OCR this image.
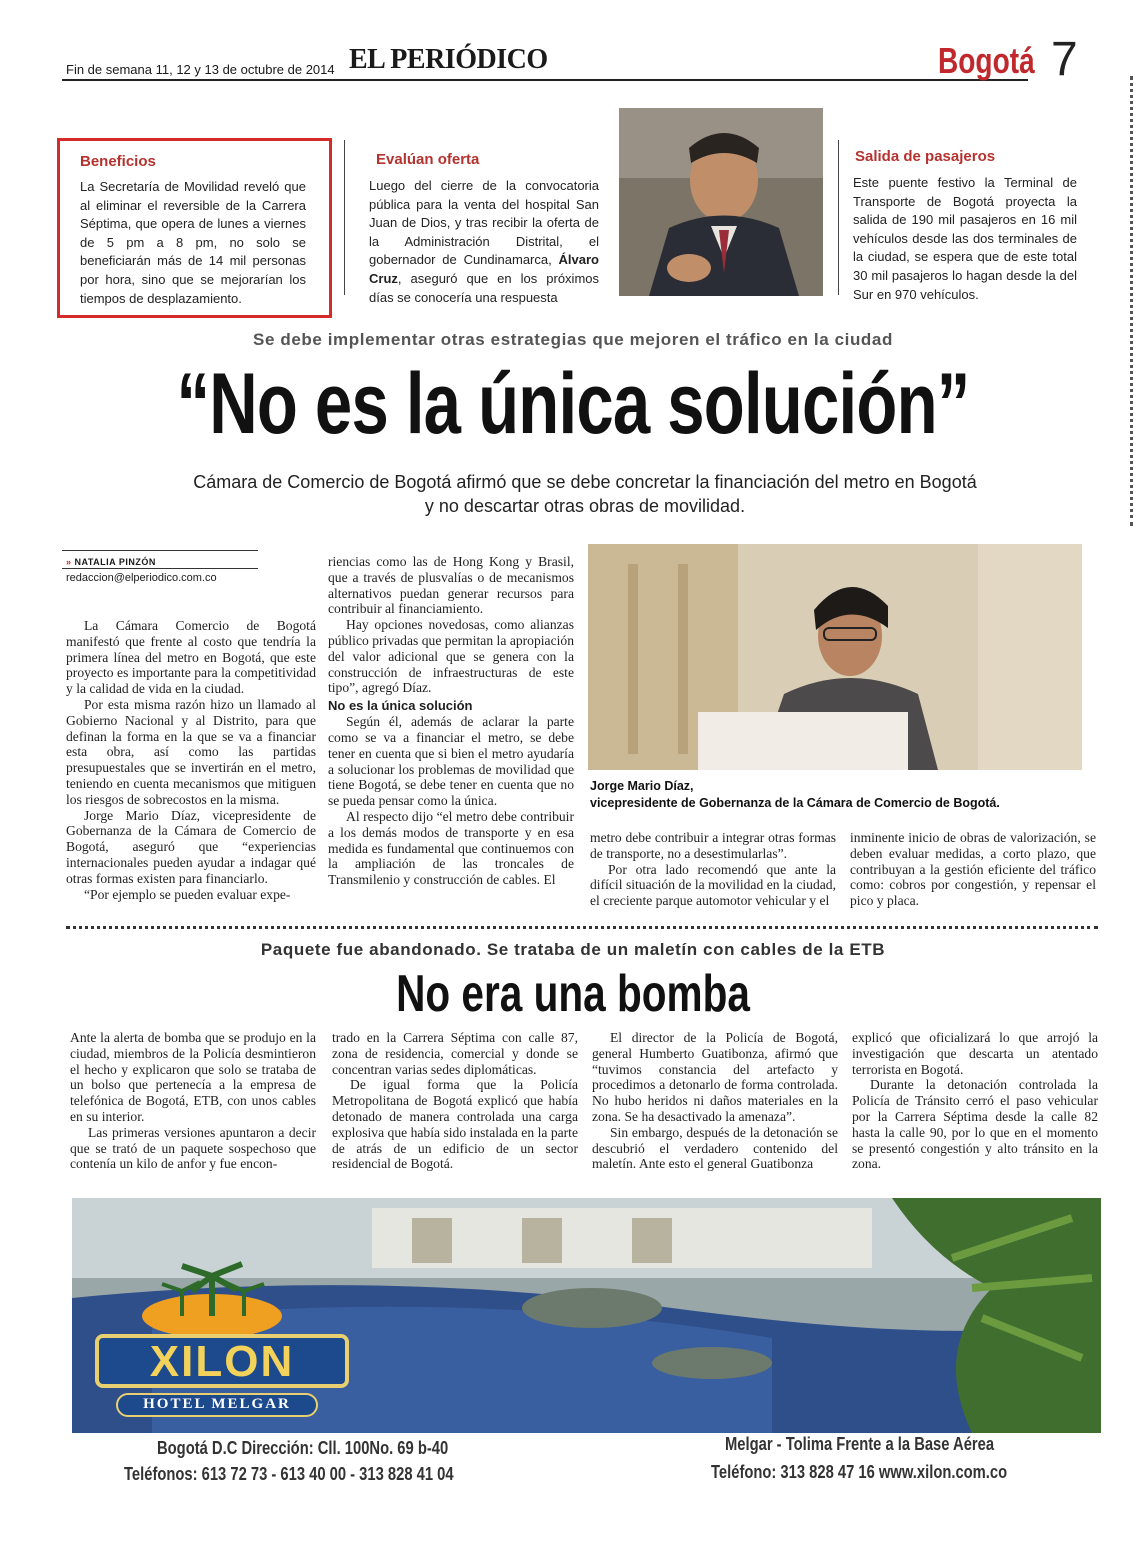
Fin de semana 11, 12 y 13 de octubre de 2014 EL PERIÓDICO	Bogotá 7
Beneficios
La Secretaría de Movilidad reveló que al eliminar el reversible de la Carrera Séptima, que opera de lunes a viernes de 5 pm a 8 pm, no solo se beneficiarán más de 14 mil personas por hora, sino que se mejorarían los tiempos de desplazamiento.
Evalúan oferta
Luego del cierre de la convocatoria pública para la venta del hospital San Juan de Dios, y tras recibir la oferta de la Administración Distrital, el gobernador de Cundinamarca, Álvaro Cruz, aseguró que en los próximos días se conocería una respuesta
Salida de pasajeros
Este puente festivo la Terminal de Transporte de Bogotá proyecta la salida de 190 mil pasajeros en 16 mil vehículos desde las dos terminales de la ciudad, se espera que de este total 30 mil pasajeros lo hagan desde la del Sur en 970 vehículos.
Se debe implementar otras estrategias que mejoren el tráfico en la ciudad
“No es la única solución”
Cámara de Comercio de Bogotá afirmó que se debe concretar la financiación del metro en Bogotá y no descartar otras obras de movilidad.
» NATALIA PINZÓN
redaccion@elperiodico.com.co

La Cámara Comercio de Bogotá manifestó que frente al costo que tendría la primera línea del metro en Bogotá, que este proyecto es importante para la competitividad y la calidad de vida en la ciudad.

Por esta misma razón hizo un llamado al Gobierno Nacional y al Distrito, para que definan la forma en la que se va a financiar esta obra, así como las partidas presupuestales que se invertirán en el metro, teniendo en cuenta mecanismos que mitiguen los riesgos de sobrecostos en la misma.

Jorge Mario Díaz, vicepresidente de Gobernanza de la Cámara de Comercio de Bogotá, aseguró que “experiencias internacionales pueden ayudar a indagar qué otras formas existen para financiarlo.

“Por ejemplo se pueden evaluar expe-

riencias como las de Hong Kong y Brasil, que a través de plusvalías o de mecanismos alternativos puedan generar recursos para contribuir al financiamiento.

Hay opciones novedosas, como alianzas público privadas que permitan la apropiación del valor adicional que se genera con la construcción de infraestructuras de este tipo”, agregó Díaz.

No es la única solución

Según él, además de aclarar la parte como se va a financiar el metro, se debe tener en cuenta que si bien el metro ayudaría a solucionar los problemas de movilidad que tiene Bogotá, se debe tener en cuenta que no se pueda pensar como la única.

Al respecto dijo “el metro debe contribuir a los demás modos de transporte y en esa medida es fundamental que continuemos con la ampliación de las troncales de Transmilenio y construcción de cables. El

Jorge Mario Díaz,
vicepresidente de Gobernanza de la Cámara de Comercio de Bogotá.

metro debe contribuir a integrar otras formas de transporte, no a desestimularlas”.

Por otra lado recomendó que ante la difícil situación de la movilidad en la ciudad, el creciente parque automotor vehicular y el

inminente inicio de obras de valorización, se deben evaluar medidas, a corto plazo, que contribuyan a la gestión eficiente del tráfico como: cobros por congestión, y repensar el pico y placa.

Paquete fue abandonado. Se trataba de un maletín con cables de la ETB
No era una bomba

Ante la alerta de bomba que se produjo en la ciudad, miembros de la Policía desmintieron el hecho y explicaron que solo se trataba de un bolso que pertenecía a la empresa de telefónica de Bogotá, ETB, con unos cables en su interior.

Las primeras versiones apuntaron a decir que se trató de un paquete sospechoso que contenía un kilo de anfor y fue encon-

trado en la Carrera Séptima con calle 87, zona de residencia, comercial y donde se concentran varias sedes diplomáticas.

De igual forma que la Policía Metropolitana de Bogotá explicó que había detonado de manera controlada una carga explosiva que había sido instalada en la parte de atrás de un edificio de un sector residencial de Bogotá.

El director de la Policía de Bogotá, general Humberto Guatibonza, afirmó que “tuvimos constancia del artefacto y procedimos a detonarlo de forma controlada. No hubo heridos ni daños materiales en la zona. Se ha desactivado la amenaza”.

Sin embargo, después de la detonación se descubrió el verdadero contenido del maletín. Ante esto el general Guatibonza

explicó que oficializará lo que arrojó la investigación que descarta un atentado terrorista en Bogotá.

Durante la detonación controlada la Policía de Tránsito cerró el paso vehicular por la Carrera Séptima desde la calle 82 hasta la calle 90, por lo que en el momento se presentó congestión y alto tránsito en la zona.

XILON
HOTEL MELGAR
Bogotá D.C Dirección: Cll. 100No. 69 b-40
Teléfonos: 613 72 73 - 613 40 00 - 313 828 41 04
Melgar - Tolima Frente a la Base Aérea
Teléfono: 313 828 47 16 www.xilon.com.co
